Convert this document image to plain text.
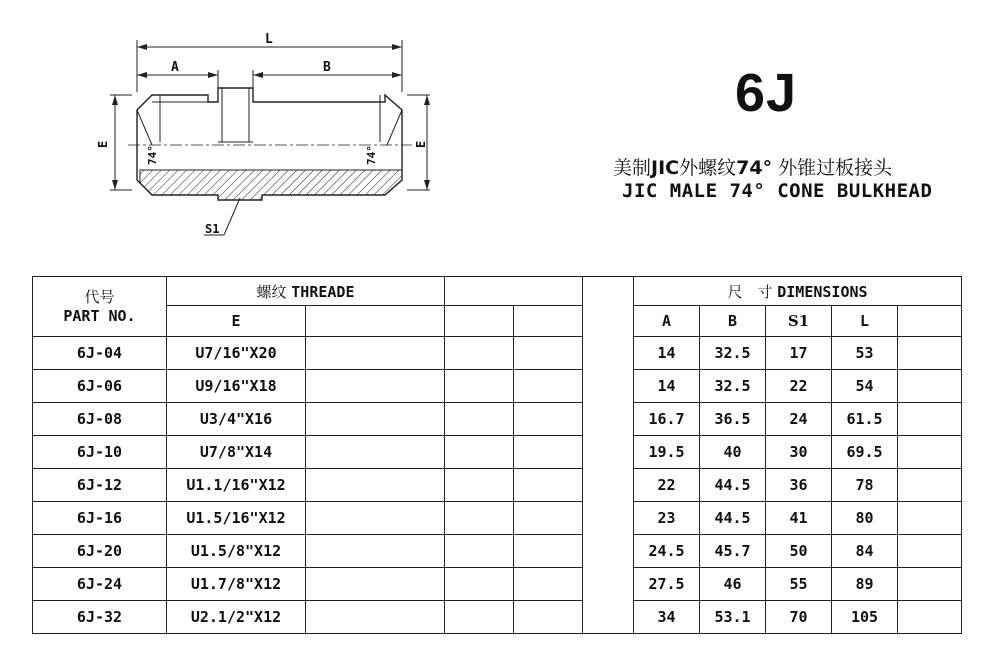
L
A	B
E	E
74°	74°
S1
6J
美制JIC外螺纹74° 外锥过板接头
JIC MALE 74° CONE BULKHEAD
代号
PART NO.	螺纹 THREADE					尺　寸 DIMENSIONS				
	E					A	B	S1	L	
6J-04	U7/16"X20					14	32.5	17	53	
6J-06	U9/16"X18					14	32.5	22	54	
6J-08	U3/4"X16					16.7	36.5	24	61.5	
6J-10	U7/8"X14					19.5	40	30	69.5	
6J-12	U1.1/16"X12					22	44.5	36	78	
6J-16	U1.5/16"X12					23	44.5	41	80	
6J-20	U1.5/8"X12					24.5	45.7	50	84	
6J-24	U1.7/8"X12					27.5	46	55	89	
6J-32	U2.1/2"X12					34	53.1	70	105	
